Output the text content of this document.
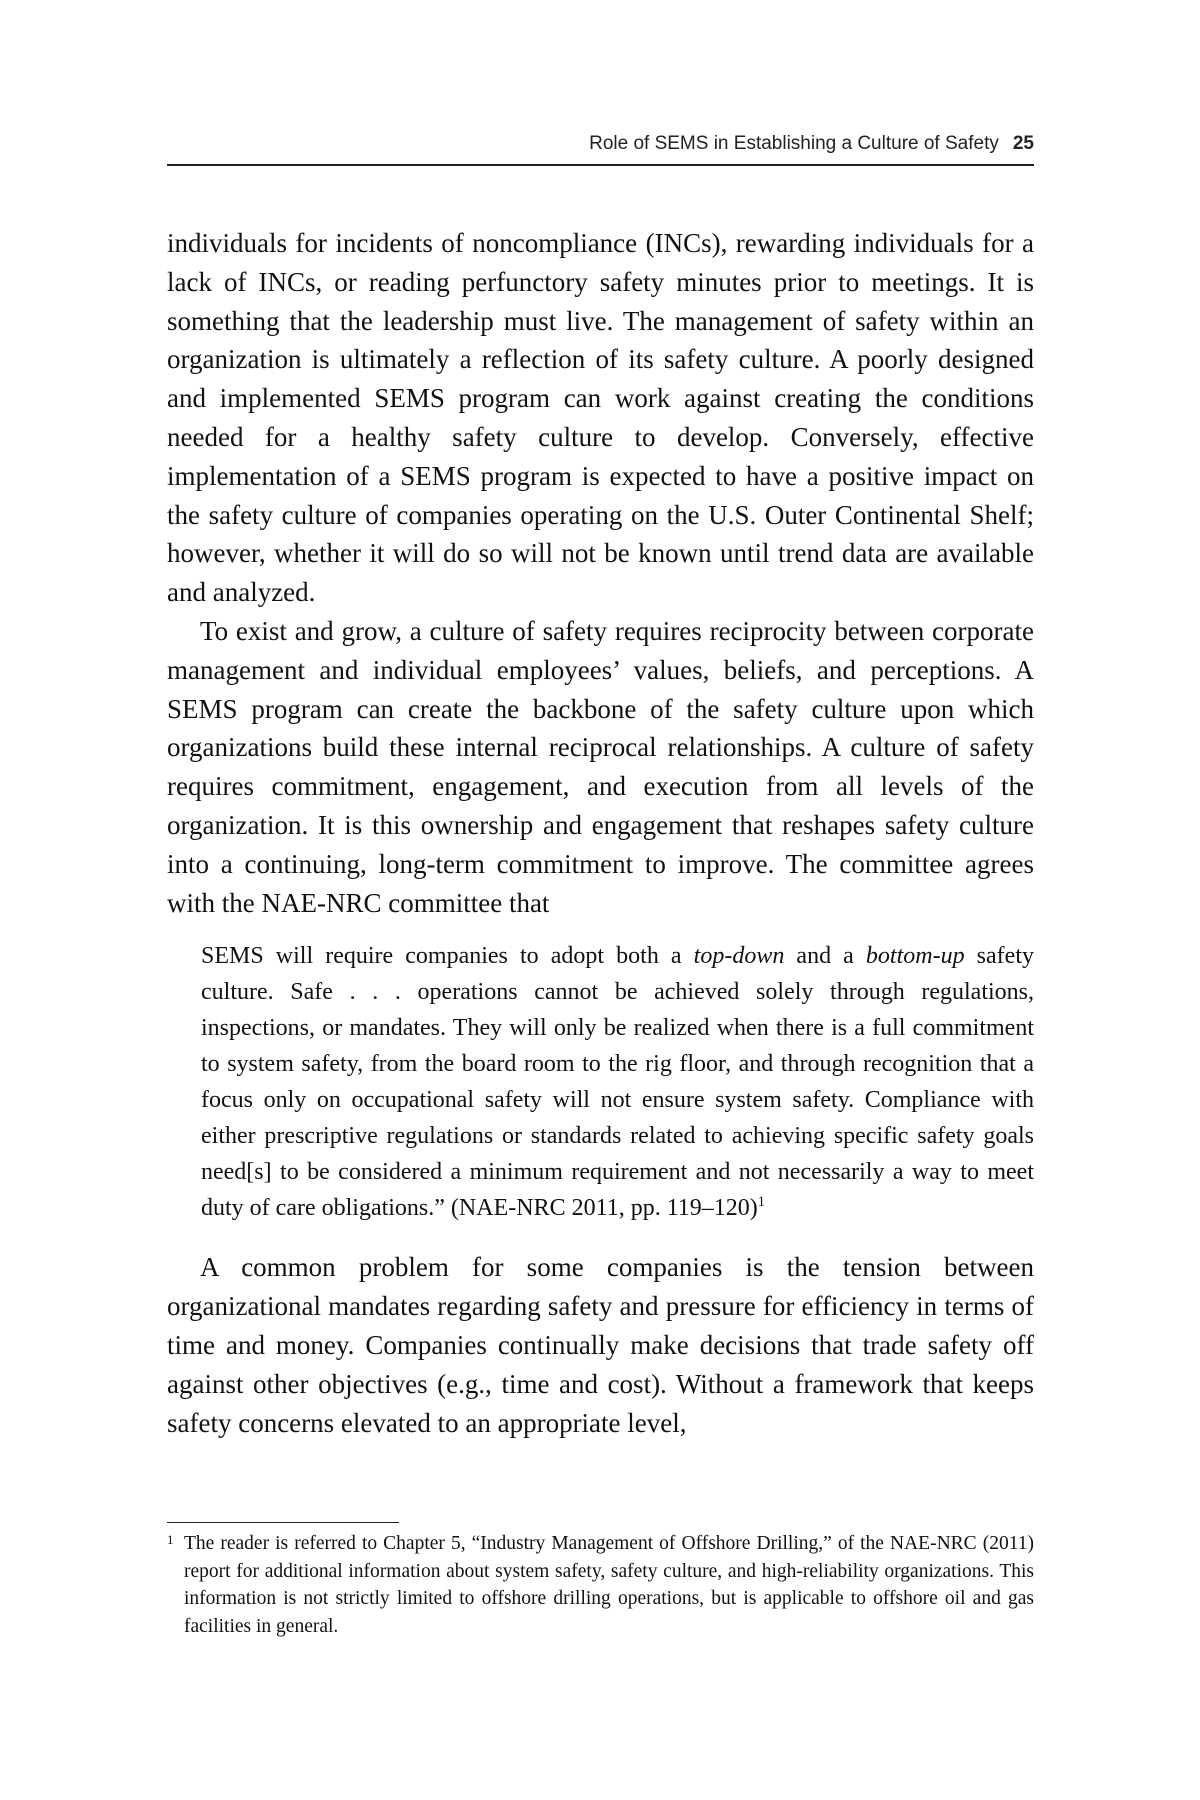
Role of SEMS in Establishing a Culture of Safety 25

individuals for incidents of noncompliance (INCs), rewarding individuals for a lack of INCs, or reading perfunctory safety minutes prior to meetings. It is something that the leadership must live. The management of safety within an organization is ultimately a reflection of its safety culture. A poorly designed and implemented SEMS program can work against creating the conditions needed for a healthy safety culture to develop. Conversely, effective implementation of a SEMS program is expected to have a positive impact on the safety culture of companies operating on the U.S. Outer Continental Shelf; however, whether it will do so will not be known until trend data are available and analyzed.

To exist and grow, a culture of safety requires reciprocity between corporate management and individual employees’ values, beliefs, and perceptions. A SEMS program can create the backbone of the safety culture upon which organizations build these internal reciprocal relationships. A culture of safety requires commitment, engagement, and execution from all levels of the organization. It is this ownership and engagement that reshapes safety culture into a continuing, long-term commitment to improve. The committee agrees with the NAE-NRC committee that

SEMS will require companies to adopt both a top-down and a bottom-up safety culture. Safe . . . operations cannot be achieved solely through regulations, inspections, or mandates. They will only be realized when there is a full commitment to system safety, from the board room to the rig floor, and through recognition that a focus only on occupational safety will not ensure system safety. Compliance with either prescriptive regulations or standards related to achieving specific safety goals need[s] to be considered a minimum requirement and not necessarily a way to meet duty of care obligations.” (NAE-NRC 2011, pp. 119–120)$^1$

A common problem for some companies is the tension between organizational mandates regarding safety and pressure for efficiency in terms of time and money. Companies continually make decisions that trade safety off against other objectives (e.g., time and cost). Without a framework that keeps safety concerns elevated to an appropriate level,

1 The reader is referred to Chapter 5, “Industry Management of Offshore Drilling,” of the NAE-NRC (2011) report for additional information about system safety, safety culture, and high-reliability organizations. This information is not strictly limited to offshore drilling operations, but is applicable to offshore oil and gas facilities in general.
